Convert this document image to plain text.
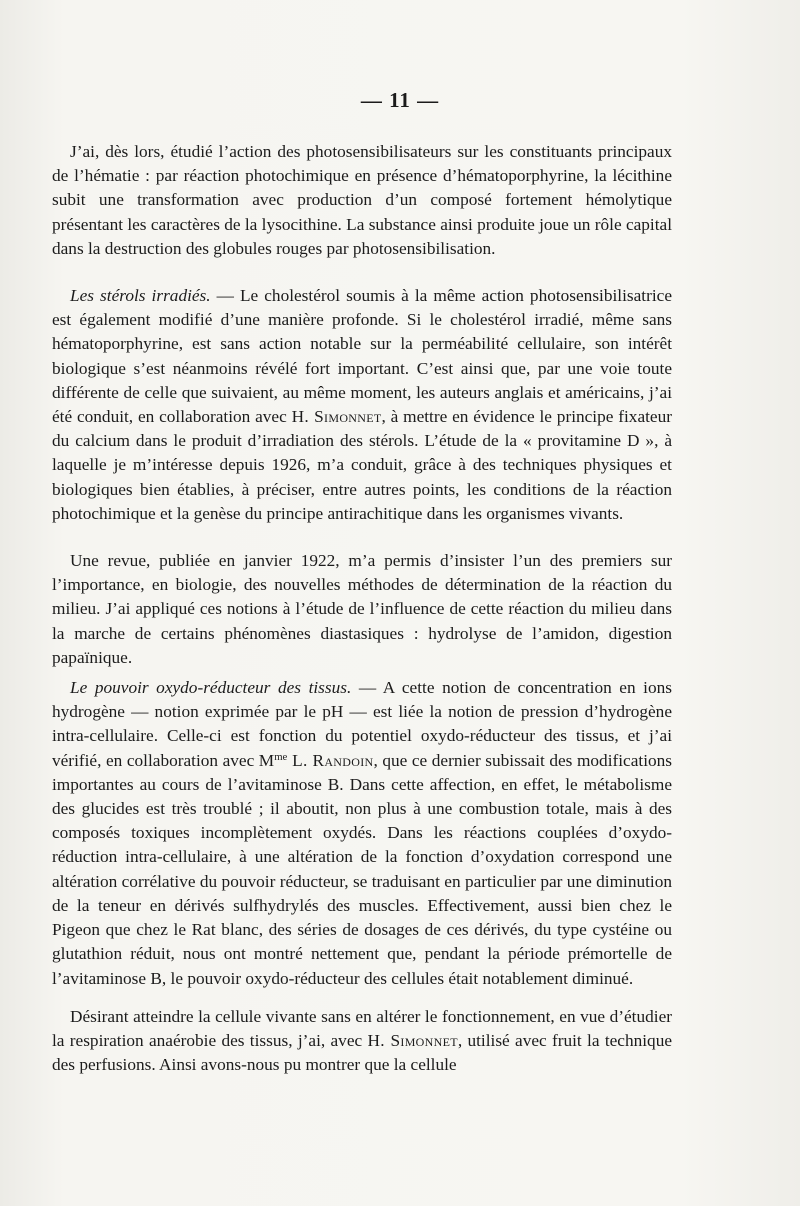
— 11 —

J’ai, dès lors, étudié l’action des photosensibilisateurs sur les constituants principaux de l’hématie : par réaction photochimique en présence d’hématoporphyrine, la lécithine subit une transformation avec production d’un composé fortement hémolytique présentant les caractères de la lysocithine. La substance ainsi produite joue un rôle capital dans la destruction des globules rouges par photosensibilisation.

Les stérols irradiés. — Le cholestérol soumis à la même action photosensibilisatrice est également modifié d’une manière profonde. Si le cholestérol irradié, même sans hématoporphyrine, est sans action notable sur la perméabilité cellulaire, son intérêt biologique s’est néanmoins révélé fort important. C’est ainsi que, par une voie toute différente de celle que suivaient, au même moment, les auteurs anglais et américains, j’ai été conduit, en collaboration avec H. Simonnet, à mettre en évidence le principe fixateur du calcium dans le produit d’irradiation des stérols. L’étude de la « provitamine D », à laquelle je m’intéresse depuis 1926, m’a conduit, grâce à des techniques physiques et biologiques bien établies, à préciser, entre autres points, les conditions de la réaction photochimique et la genèse du principe antirachitique dans les organismes vivants.

Une revue, publiée en janvier 1922, m’a permis d’insister l’un des premiers sur l’importance, en biologie, des nouvelles méthodes de détermination de la réaction du milieu. J’ai appliqué ces notions à l’étude de l’influence de cette réaction du milieu dans la marche de certains phénomènes diastasiques : hydrolyse de l’amidon, digestion papaïnique.

Le pouvoir oxydo-réducteur des tissus. — A cette notion de concentration en ions hydrogène — notion exprimée par le pH — est liée la notion de pression d’hydrogène intra-cellulaire. Celle-ci est fonction du potentiel oxydo-réducteur des tissus, et j’ai vérifié, en collaboration avec $M^{me}$ L. Randoin, que ce dernier subissait des modifications importantes au cours de l’avitaminose B. Dans cette affection, en effet, le métabolisme des glucides est très troublé ; il aboutit, non plus à une combustion totale, mais à des composés toxiques incomplètement oxydés. Dans les réactions couplées d’oxydo-réduction intra-cellulaire, à une altération de la fonction d’oxydation correspond une altération corrélative du pouvoir réducteur, se traduisant en particulier par une diminution de la teneur en dérivés sulfhydrylés des muscles. Effectivement, aussi bien chez le Pigeon que chez le Rat blanc, des séries de dosages de ces dérivés, du type cystéine ou glutathion réduit, nous ont montré nettement que, pendant la période prémortelle de l’avitaminose B, le pouvoir oxydo-réducteur des cellules était notablement diminué.

Désirant atteindre la cellule vivante sans en altérer le fonctionnement, en vue d’étudier la respiration anaérobie des tissus, j’ai, avec H. Simonnet, utilisé avec fruit la technique des perfusions. Ainsi avons-nous pu montrer que la cellule
